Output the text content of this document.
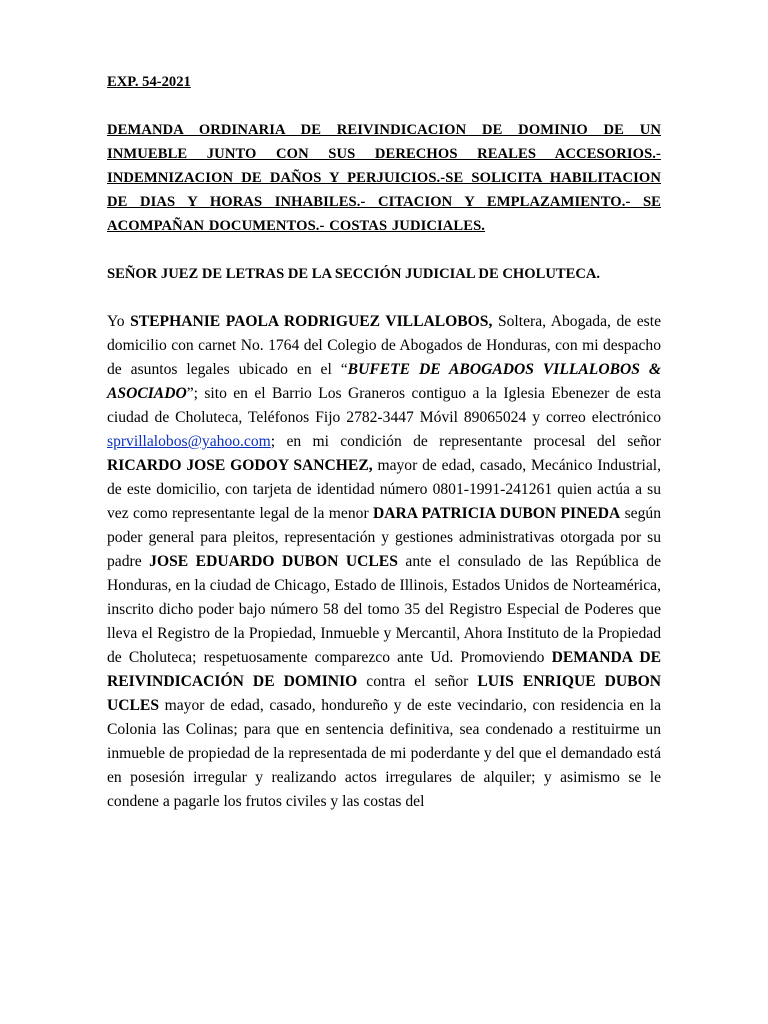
EXP. 54-2021

DEMANDA ORDINARIA DE REIVINDICACION DE DOMINIO DE UN INMUEBLE JUNTO CON SUS DERECHOS REALES ACCESORIOS.-INDEMNIZACION DE DAÑOS Y PERJUICIOS.-SE SOLICITA HABILITACION DE DIAS Y HORAS INHABILES.- CITACION Y EMPLAZAMIENTO.- SE ACOMPAÑAN DOCUMENTOS.- COSTAS JUDICIALES.

SEÑOR JUEZ DE LETRAS DE LA SECCIÓN JUDICIAL DE CHOLUTECA.

Yo STEPHANIE PAOLA RODRIGUEZ VILLALOBOS, Soltera, Abogada, de este domicilio con carnet No. 1764 del Colegio de Abogados de Honduras, con mi despacho de asuntos legales ubicado en el “BUFETE DE ABOGADOS VILLALOBOS & ASOCIADO”; sito en el Barrio Los Graneros contiguo a la Iglesia Ebenezer de esta ciudad de Choluteca, Teléfonos Fijo 2782-3447 Móvil 89065024 y correo electrónico sprvillalobos@yahoo.com; en mi condición de representante procesal del señor RICARDO JOSE GODOY SANCHEZ, mayor de edad, casado, Mecánico Industrial, de este domicilio, con tarjeta de identidad número 0801-1991-241261 quien actúa a su vez como representante legal de la menor DARA PATRICIA DUBON PINEDA según poder general para pleitos, representación y gestiones administrativas otorgada por su padre JOSE EDUARDO DUBON UCLES ante el consulado de las República de Honduras, en la ciudad de Chicago, Estado de Illinois, Estados Unidos de Norteamérica, inscrito dicho poder bajo número 58 del tomo 35 del Registro Especial de Poderes que lleva el Registro de la Propiedad, Inmueble y Mercantil, Ahora Instituto de la Propiedad de Choluteca; respetuosamente comparezco ante Ud. Promoviendo DEMANDA DE REIVINDICACIÓN DE DOMINIO contra el señor LUIS ENRIQUE DUBON UCLES mayor de edad, casado, hondureño y de este vecindario, con residencia en la Colonia las Colinas; para que en sentencia definitiva, sea condenado a restituirme un inmueble de propiedad de la representada de mi poderdante y del que el demandado está en posesión irregular y realizando actos irregulares de alquiler; y asimismo se le condene a pagarle los frutos civiles y las costas del
